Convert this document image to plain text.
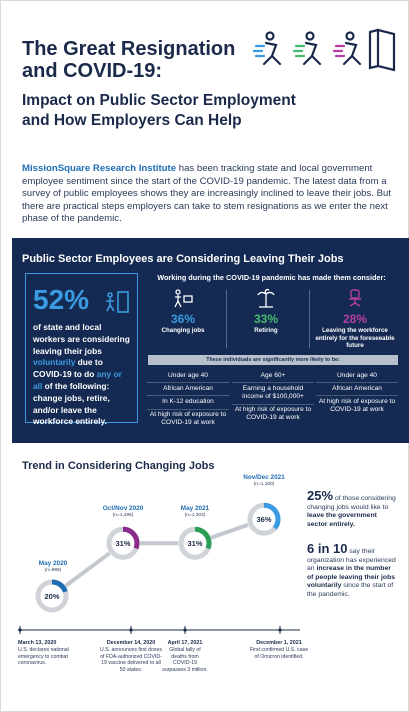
The Great Resignation and COVID-19:
Impact on Public Sector Employment and How Employers Can Help

MissionSquare Research Institute has been tracking state and local government employee sentiment since the start of the COVID-19 pandemic. The latest data from a survey of public employees shows they are increasingly inclined to leave their jobs. But there are practical steps employers can take to stem resignations as we enter the next phase of the pandemic.

Public Sector Employees are Considering Leaving Their Jobs
52%

of state and local workers are considering leaving their jobs voluntarily due to COVID-19 to do any or all of the following: change jobs, retire, and/or leave the workforce entirely.

Working during the COVID-19 pandemic has made them consider:
36%
Changing jobs
33%
Retiring
28%
Leaving the workforce entirely for the foreseeable future
These individuals are significantly more likely to be:
Under age 40
African American
In K-12 education
At high risk of exposure to COVID-19 at work
Age 60+
Earning a household income of $100,000+
At high risk of exposure to COVID-19 at work
Under age 40
African American
At high risk of exposure to COVID-19 at work
Trend in Considering Changing Jobs
20%
31%	31%
36%
May 2020
(n=989)
Oct/Nov 2020
(n=1,195)
May 2021
(n=1,203)
Nov/Dec 2021
(n=1,100)
March 13, 2020
U.S. declares national emergency to combat coronavirus.
December 14, 2020
U.S. announces first doses of FDA-authorized COVID-19 vaccine delivered to all 50 states.
April 17, 2021
Global tally of deaths from COVID-19 surpasses 3 million.
December 1, 2021
First confirmed U.S. case of Omicron identified.

25% of those considering changing jobs would like to leave the government sector entirely.

6 in 10 say their organization has experienced an increase in the number of people leaving their jobs voluntarily since the start of the pandemic.
